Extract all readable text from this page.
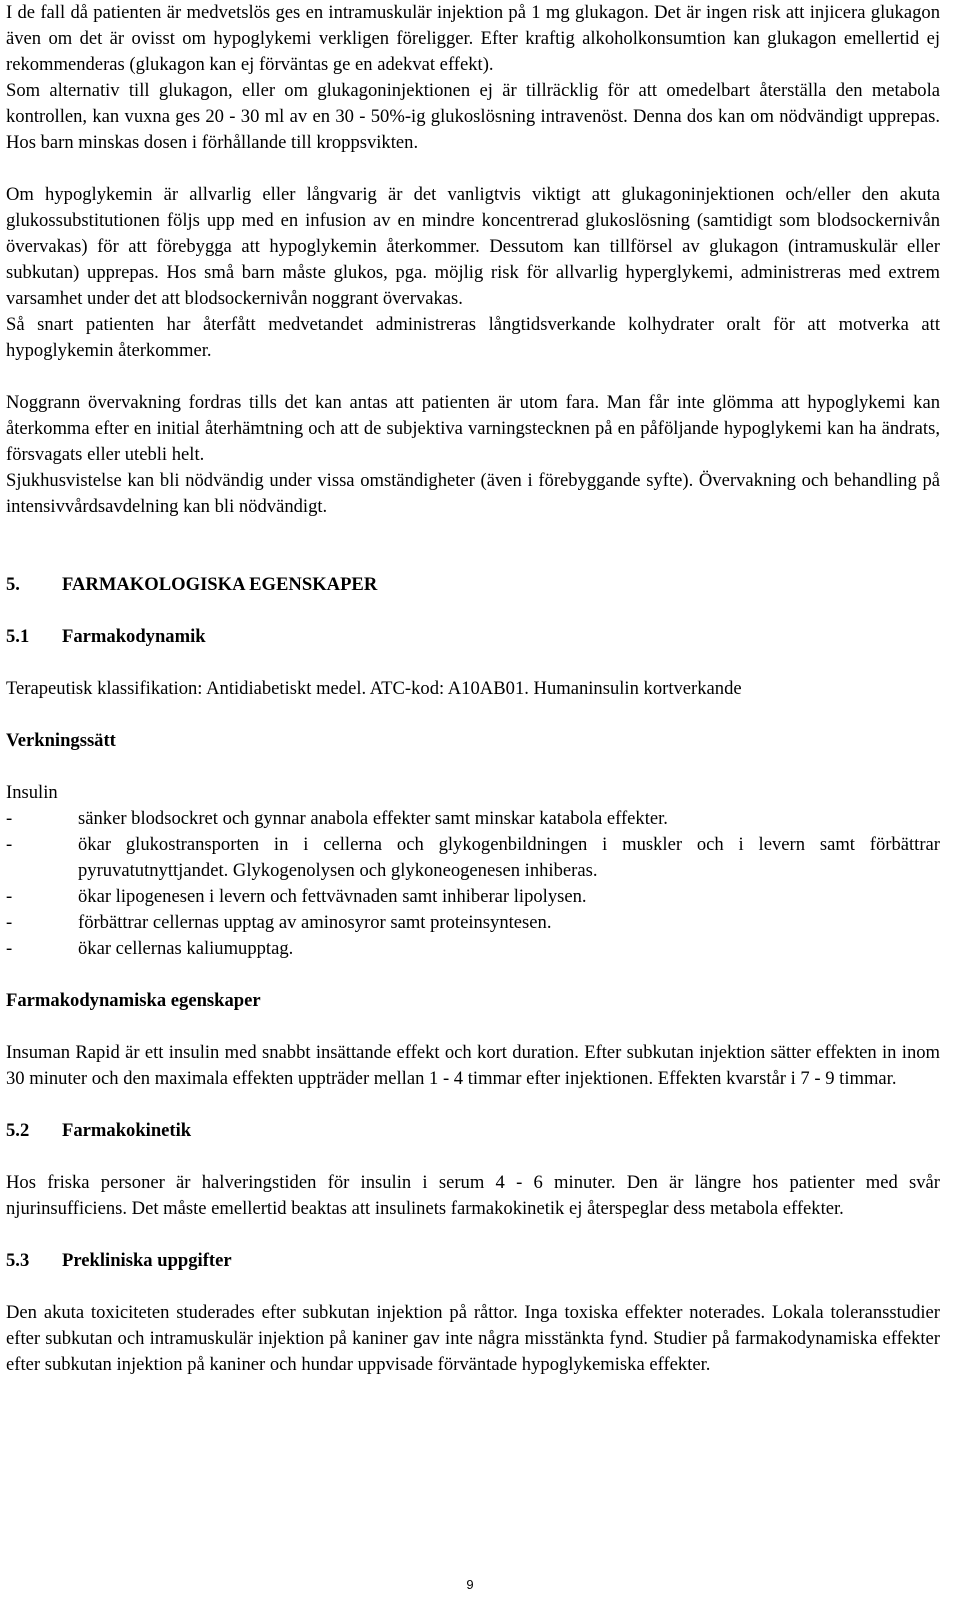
I de fall då patienten är medvetslös ges en intramuskulär injektion på 1 mg glukagon. Det är ingen risk att injicera glukagon även om det är ovisst om hypoglykemi verkligen föreligger. Efter kraftig alkoholkonsumtion kan glukagon emellertid ej rekommenderas (glukagon kan ej förväntas ge en adekvat effekt).

Som alternativ till glukagon, eller om glukagoninjektionen ej är tillräcklig för att omedelbart återställa den metabola kontrollen, kan vuxna ges 20 - 30 ml av en 30 - 50%-ig glukoslösning intravenöst. Denna dos kan om nödvändigt upprepas. Hos barn minskas dosen i förhållande till kroppsvikten.

Om hypoglykemin är allvarlig eller långvarig är det vanligtvis viktigt att glukagoninjektionen och/eller den akuta glukossubstitutionen följs upp med en infusion av en mindre koncentrerad glukoslösning (samtidigt som blodsockernivån övervakas) för att förebygga att hypoglykemin återkommer. Dessutom kan tillförsel av glukagon (intramuskulär eller subkutan) upprepas. Hos små barn måste glukos, pga. möjlig risk för allvarlig hyperglykemi, administreras med extrem varsamhet under det att blodsockernivån noggrant övervakas.

Så snart patienten har återfått medvetandet administreras långtidsverkande kolhydrater oralt för att motverka att hypoglykemin återkommer.

Noggrann övervakning fordras tills det kan antas att patienten är utom fara. Man får inte glömma att hypoglykemi kan återkomma efter en initial återhämtning och att de subjektiva varningstecknen på en påföljande hypoglykemi kan ha ändrats, försvagats eller utebli helt.

Sjukhusvistelse kan bli nödvändig under vissa omständigheter (även i förebyggande syfte). Övervakning och behandling på intensivvårdsavdelning kan bli nödvändigt.

5.	FARMAKOLOGISKA EGENSKAPER
5.1	Farmakodynamik

Terapeutisk klassifikation: Antidiabetiskt medel. ATC-kod: A10AB01. Humaninsulin kortverkande

Verkningssätt

Insulin

-	sänker blodsockret och gynnar anabola effekter samt minskar katabola effekter.
-	ökar glukostransporten in i cellerna och glykogenbildningen i muskler och i levern samt förbättrar pyruvatutnyttjandet. Glykogenolysen och glykoneogenesen inhiberas.
-	ökar lipogenesen i levern och fettvävnaden samt inhiberar lipolysen.
-	förbättrar cellernas upptag av aminosyror samt proteinsyntesen.
-	ökar cellernas kaliumupptag.

Farmakodynamiska egenskaper

Insuman Rapid är ett insulin med snabbt insättande effekt och kort duration. Efter subkutan injektion sätter effekten in inom 30 minuter och den maximala effekten uppträder mellan 1 - 4 timmar efter injektionen. Effekten kvarstår i 7 - 9 timmar.

5.2	Farmakokinetik

Hos friska personer är halveringstiden för insulin i serum 4 - 6 minuter. Den är längre hos patienter med svår njurinsufficiens. Det måste emellertid beaktas att insulinets farmakokinetik ej återspeglar dess metabola effekter.

5.3	Prekliniska uppgifter

Den akuta toxiciteten studerades efter subkutan injektion på råttor. Inga toxiska effekter noterades. Lokala toleransstudier efter subkutan och intramuskulär injektion på kaniner gav inte några misstänkta fynd. Studier på farmakodynamiska effekter efter subkutan injektion på kaniner och hundar uppvisade förväntade hypoglykemiska effekter.

9
